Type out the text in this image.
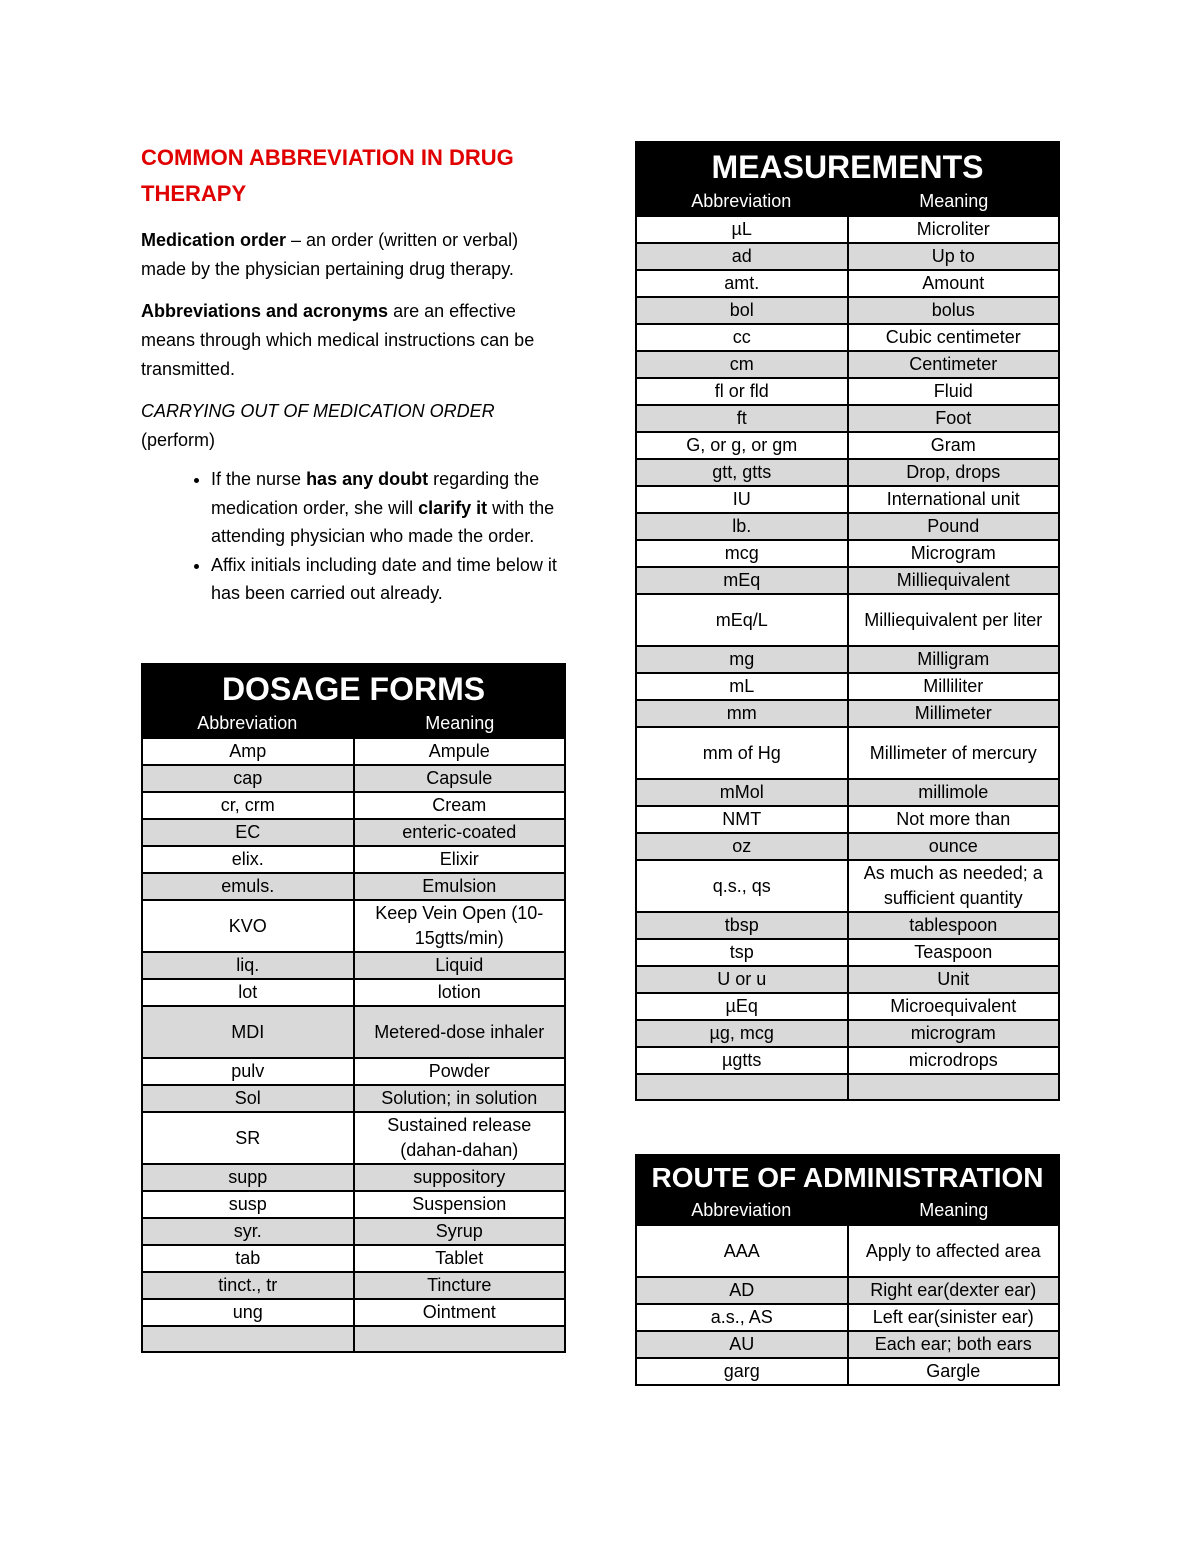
COMMON ABBREVIATION IN DRUG THERAPY

Medication order – an order (written or verbal) made by the physician pertaining drug therapy.

Abbreviations and acronyms are an effective means through which medical instructions can be transmitted.

CARRYING OUT OF MEDICATION ORDER
(perform)

• If the nurse has any doubt regarding the medication order, she will clarify it with the attending physician who made the order.
• Affix initials including date and time below it has been carried out already.
DOSAGE FORMS
Abbreviation	Meaning
Amp	Ampule
cap	Capsule
cr, crm	Cream
EC	enteric-coated
elix.	Elixir
emuls.	Emulsion
KVO	Keep Vein Open (10-15gtts/min)
liq.	Liquid
lot	lotion
MDI	Metered-dose inhaler
pulv	Powder
Sol	Solution; in solution
SR	Sustained release (dahan-dahan)
supp	suppository
susp	Suspension
syr.	Syrup
tab	Tablet
tinct., tr	Tincture
ung	Ointment

MEASUREMENTS
Abbreviation	Meaning
µL	Microliter
ad	Up to
amt.	Amount
bol	bolus
cc	Cubic centimeter
cm	Centimeter
fl or fld	Fluid
ft	Foot
G, or g, or gm	Gram
gtt, gtts	Drop, drops
IU	International unit
lb.	Pound
mcg	Microgram
mEq	Milliequivalent
mEq/L	Milliequivalent per liter
mg	Milligram
mL	Milliliter
mm	Millimeter
mm of Hg	Millimeter of mercury
mMol	millimole
NMT	Not more than
oz	ounce
q.s., qs	As much as needed; a sufficient quantity
tbsp	tablespoon
tsp	Teaspoon
U or u	Unit
µEq	Microequivalent
µg, mcg	microgram
µgtts	microdrops

ROUTE OF ADMINISTRATION
Abbreviation	Meaning
AAA	Apply to affected area
AD	Right ear(dexter ear)
a.s., AS	Left ear(sinister ear)
AU	Each ear; both ears
garg	Gargle
